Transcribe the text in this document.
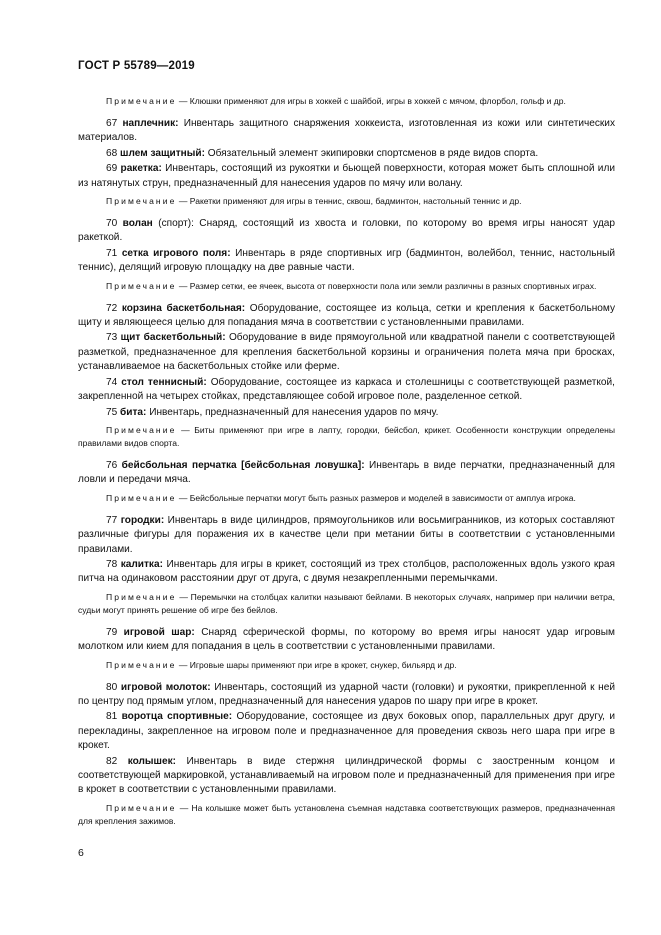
ГОСТ Р 55789—2019

Примечание — Клюшки применяют для игры в хоккей с шайбой, игры в хоккей с мячом, флорбол, гольф и др.

67 наплечник: Инвентарь защитного снаряжения хоккеиста, изготовленная из кожи или синтетических материалов.

68 шлем защитный: Обязательный элемент экипировки спортсменов в ряде видов спорта.

69 ракетка: Инвентарь, состоящий из рукоятки и бьющей поверхности, которая может быть сплошной или из натянутых струн, предназначенный для нанесения ударов по мячу или волану.

Примечание — Ракетки применяют для игры в теннис, сквош, бадминтон, настольный теннис и др.

70 волан (спорт): Снаряд, состоящий из хвоста и головки, по которому во время игры наносят удар ракеткой.

71 сетка игрового поля: Инвентарь в ряде спортивных игр (бадминтон, волейбол, теннис, настольный теннис), делящий игровую площадку на две равные части.

Примечание — Размер сетки, ее ячеек, высота от поверхности пола или земли различны в разных спортивных играх.

72 корзина баскетбольная: Оборудование, состоящее из кольца, сетки и крепления к баскетбольному щиту и являющееся целью для попадания мяча в соответствии с установленными правилами.

73 щит баскетбольный: Оборудование в виде прямоугольной или квадратной панели с соответствующей разметкой, предназначенное для крепления баскетбольной корзины и ограничения полета мяча при бросках, устанавливаемое на баскетбольных стойке или ферме.

74 стол теннисный: Оборудование, состоящее из каркаса и столешницы с соответствующей разметкой, закрепленной на четырех стойках, представляющее собой игровое поле, разделенное сеткой.

75 бита: Инвентарь, предназначенный для нанесения ударов по мячу.

Примечание — Биты применяют при игре в лапту, городки, бейсбол, крикет. Особенности конструкции определены правилами видов спорта.

76 бейсбольная перчатка [бейсбольная ловушка]: Инвентарь в виде перчатки, предназначенный для ловли и передачи мяча.

Примечание — Бейсбольные перчатки могут быть разных размеров и моделей в зависимости от амплуа игрока.

77 городки: Инвентарь в виде цилиндров, прямоугольников или восьмигранников, из которых составляют различные фигуры для поражения их в качестве цели при метании биты в соответствии с установленными правилами.

78 калитка: Инвентарь для игры в крикет, состоящий из трех столбцов, расположенных вдоль узкого края питча на одинаковом расстоянии друг от друга, с двумя незакрепленными перемычками.

Примечание — Перемычки на столбцах калитки называют бейлами. В некоторых случаях, например при наличии ветра, судьи могут принять решение об игре без бейлов.

79 игровой шар: Снаряд сферической формы, по которому во время игры наносят удар игровым молотком или кием для попадания в цель в соответствии с установленными правилами.

Примечание — Игровые шары применяют при игре в крокет, снукер, бильярд и др.

80 игровой молоток: Инвентарь, состоящий из ударной части (головки) и рукоятки, прикрепленной к ней по центру под прямым углом, предназначенный для нанесения ударов по шару при игре в крокет.

81 воротца спортивные: Оборудование, состоящее из двух боковых опор, параллельных друг другу, и перекладины, закрепленное на игровом поле и предназначенное для проведения сквозь него шара при игре в крокет.

82 колышек: Инвентарь в виде стержня цилиндрической формы с заостренным концом и соответствующей маркировкой, устанавливаемый на игровом поле и предназначенный для применения при игре в крокет в соответствии с установленными правилами.

Примечание — На колышке может быть установлена съемная надставка соответствующих размеров, предназначенная для крепления зажимов.

6
